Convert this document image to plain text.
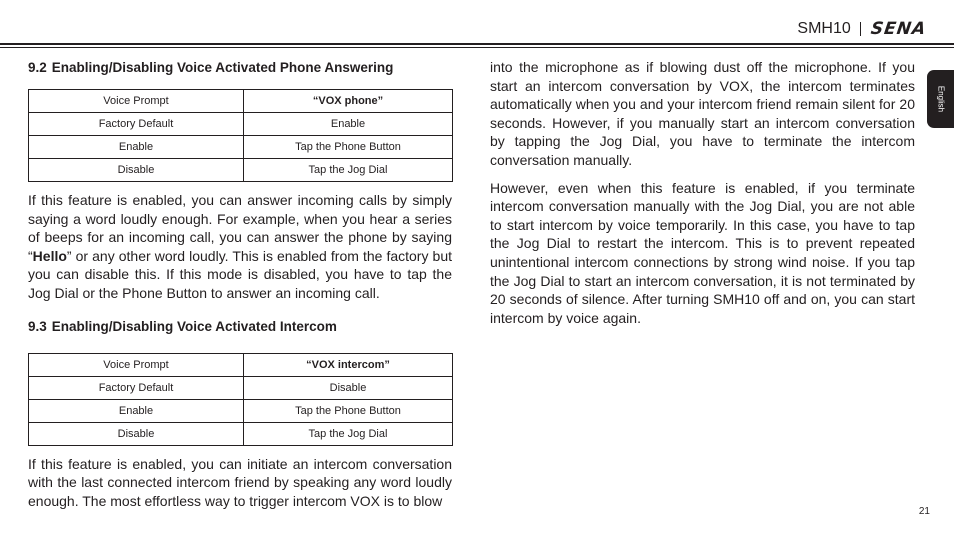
SMH10 SENA
English
9.2 Enabling/Disabling Voice Activated Phone Answering
Voice Prompt	“VOX phone”
Factory Default	Enable
Enable	Tap the Phone Button
Disable	Tap the Jog Dial

If this feature is enabled, you can answer incoming calls by simply saying a word loudly enough. For example, when you hear a series of beeps for an incoming call, you can answer the phone by saying “Hello” or any other word loudly. This is enabled from the factory but you can disable this. If this mode is disabled, you have to tap the Jog Dial or the Phone Button to answer an incoming call.

9.3 Enabling/Disabling Voice Activated Intercom
Voice Prompt	“VOX intercom”
Factory Default	Disable
Enable	Tap the Phone Button
Disable	Tap the Jog Dial

If this feature is enabled, you can initiate an intercom conversation with the last connected intercom friend by speaking any word loudly enough. The most effortless way to trigger intercom VOX is to blow

into the microphone as if blowing dust off the microphone. If you start an intercom conversation by VOX, the intercom terminates automatically when you and your intercom friend remain silent for 20 seconds. However, if you manually start an intercom conversation by tapping the Jog Dial, you have to terminate the intercom conversation manually.

However, even when this feature is enabled, if you terminate intercom conversation manually with the Jog Dial, you are not able to start intercom by voice temporarily. In this case, you have to tap the Jog Dial to restart the intercom. This is to prevent repeated unintentional intercom connections by strong wind noise. If you tap the Jog Dial to start an intercom conversation, it is not terminated by 20 seconds of silence. After turning SMH10 off and on, you can start intercom by voice again.

21
